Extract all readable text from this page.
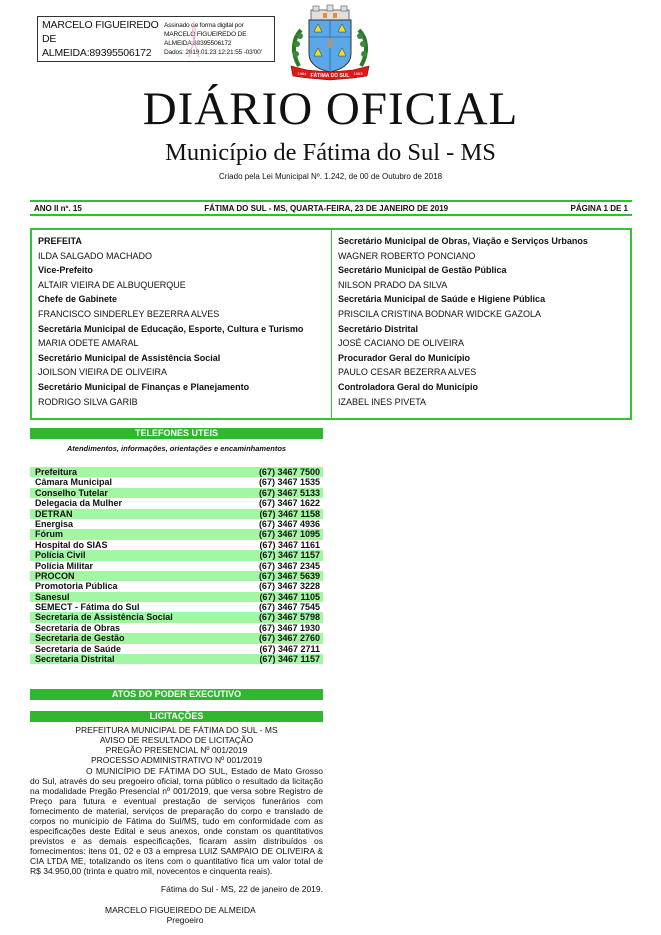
MARCELO FIGUEIREDO
DE
ALMEIDA:89395506172
Assinado de forma digital por
MARCELO FIGUEIREDO DE
ALMEIDA:89395506172
Dados: 2019.01.23 12:21:55 -03'00'
FÁTIMA DO SUL
1964	1963
DIÁRIO OFICIAL
Município de Fátima do Sul - MS
Criado pela Lei Municipal Nº. 1.242, de 00 de Outubro de 2018
ANO II nº. 15	FÁTIMA DO SUL - MS, QUARTA-FEIRA, 23 DE JANEIRO DE 2019	PÁGINA 1 DE 1
PREFEITA
ILDA SALGADO MACHADO
Vice-Prefeito
ALTAIR VIEIRA DE ALBUQUERQUE
Chefe de Gabinete
FRANCISCO SINDERLEY BEZERRA ALVES
Secretária Municipal de Educação, Esporte, Cultura e Turismo
MARIA ODETE AMARAL
Secretário Municipal de Assistência Social
JOILSON VIEIRA DE OLIVEIRA
Secretário Municipal de Finanças e Planejamento
RODRIGO SILVA GARIB
Secretário Municipal de Obras, Viação e Serviços Urbanos
WAGNER ROBERTO PONCIANO
Secretário Municipal de Gestão Pública
NILSON PRADO DA SILVA
Secretária Municipal de Saúde e Higiene Pública
PRISCILA CRISTINA BODNAR WIDCKE GAZOLA
Secretário Distrital
JOSÉ CACIANO DE OLIVEIRA
Procurador Geral do Município
PAULO CESAR BEZERRA ALVES
Controladora Geral do Município
IZABEL INES PIVETA
TELEFONES UTEIS
Atendimentos, informações, orientações e encaminhamentos
Prefeitura	(67) 3467 7500
Câmara Municipal	(67) 3467 1535
Conselho Tutelar	(67) 3467 5133
Delegacia da Mulher	(67) 3467 1622
DETRAN	(67) 3467 1158
Energisa	(67) 3467 4936
Fórum	(67) 3467 1095
Hospital do SIAS	(67) 3467 1161
Polícia Civil	(67) 3467 1157
Polícia Militar	(67) 3467 2345
PROCON	(67) 3467 5639
Promotoria Pública	(67) 3467 3228
Sanesul	(67) 3467 1105
SEMECT - Fátima do Sul	(67) 3467 7545
Secretaria de Assistência Social	(67) 3467 5798
Secretaria de Obras	(67) 3467 1930
Secretaria de Gestão	(67) 3467 2760
Secretaria de Saúde	(67) 3467 2711
Secretaria Distrital	(67) 3467 1157
ATOS DO PODER EXECUTIVO
LICITAÇÕES
PREFEITURA MUNICIPAL DE FÁTIMA DO SUL - MS
AVISO DE RESULTADO DE LICITAÇÃO
PREGÃO PRESENCIAL Nº 001/2019
PROCESSO ADMINISTRATIVO Nº 001/2019
O MUNICÍPIO DE FÁTIMA DO SUL, Estado de Mato Grosso do Sul, através do seu pregoeiro oficial, torna público o resultado da licitação na modalidade Pregão Presencial nº 001/2019, que versa sobre Registro de Preço para futura e eventual prestação de serviços funerários com fornecimento de material, serviços de preparação do corpo e translado de corpos no município de Fátima do Sul/MS, tudo em conformidade com as especificações deste Edital e seus anexos, onde constam os quantitativos previstos e as demais especificações, ficaram assim distribuídos os fornecimentos: itens 01, 02 e 03 a empresa LUIZ SAMPAIO DE OLIVEIRA & CIA LTDA ME, totalizando os itens com o quantitativo fica um valor total de R$ 34.950,00 (trinta e quatro mil, novecentos e cinquenta reais).
Fátima do Sul - MS, 22 de janeiro de 2019.
MARCELO FIGUEIREDO DE ALMEIDA
Pregoeiro
